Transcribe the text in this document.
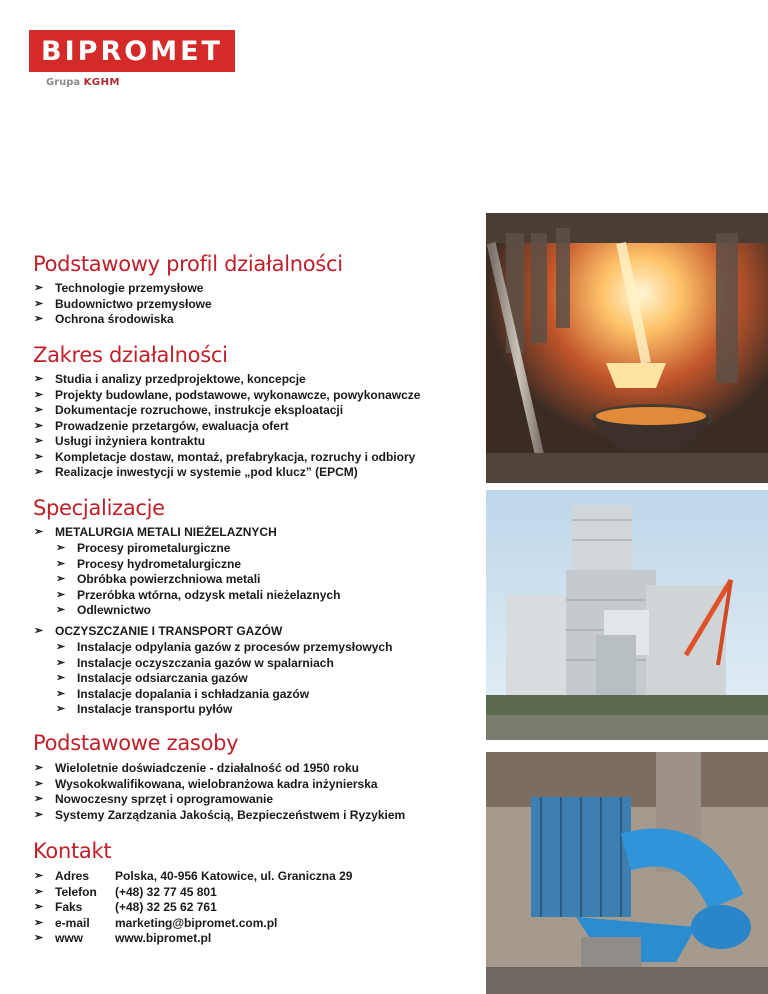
BIPROMET
Grupa KGHM
Podstawowy profil działalności
➢ Technologie przemysłowe
➢ Budownictwo przemysłowe
➢ Ochrona środowiska
Zakres działalności
➢ Studia i analizy przedprojektowe, koncepcje
➢ Projekty budowlane, podstawowe, wykonawcze, powykonawcze
➢ Dokumentacje rozruchowe, instrukcje eksploatacji
➢ Prowadzenie przetargów, ewaluacja ofert
➢ Usługi inżyniera kontraktu
➢ Kompletacje dostaw, montaż, prefabrykacja, rozruchy i odbiory
➢ Realizacje inwestycji w systemie „pod klucz” (EPCM)
Specjalizacje
➢ METALURGIA METALI NIEŻELAZNYCH
➢ Procesy pirometalurgiczne
➢ Procesy hydrometalurgiczne
➢ Obróbka powierzchniowa metali
➢ Przeróbka wtórna, odzysk metali nieżelaznych
➢ Odlewnictwo
➢ OCZYSZCZANIE I TRANSPORT GAZÓW
➢ Instalacje odpylania gazów z procesów przemysłowych
➢ Instalacje oczyszczania gazów w spalarniach
➢ Instalacje odsiarczania gazów
➢ Instalacje dopalania i schładzania gazów
➢ Instalacje transportu pyłów
Podstawowe zasoby
➢ Wieloletnie doświadczenie - działalność od 1950 roku
➢ Wysokokwalifikowana, wielobranżowa kadra inżynierska
➢ Nowoczesny sprzęt i oprogramowanie
➢ Systemy Zarządzania Jakością, Bezpieczeństwem i Ryzykiem
Kontakt
➢ Adres Polska, 40-956 Katowice, ul. Graniczna 29
➢ Telefon (+48) 32 77 45 801
➢ Faks	(+48) 32 25 62 761
➢ e-mail marketing@bipromet.com.pl
➢ www	www.bipromet.pl
